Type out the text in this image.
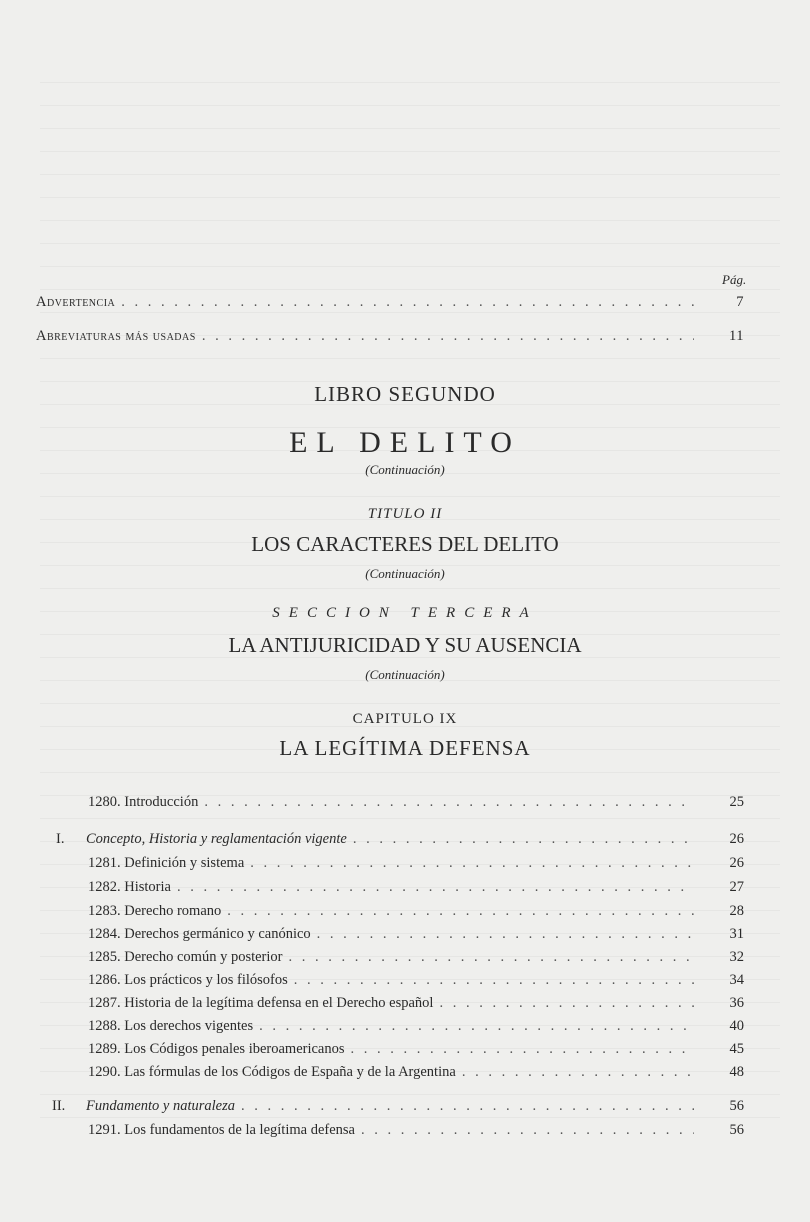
Pág.
Advertencia . . .	7
Abreviaturas más usadas . . .	11
LIBRO SEGUNDO
EL DELITO
(Continuación)
TITULO II
LOS CARACTERES DEL DELITO
(Continuación)
SECCION TERCERA
LA ANTIJURICIDAD Y SU AUSENCIA
(Continuación)
CAPITULO IX
LA LEGÍTIMA DEFENSA
1280. Introducción . . .	25
I.	Concepto, Historia y reglamentación vigente . . .	26
1281. Definición y sistema . . .	26
1282. Historia . . .	27
1283. Derecho romano . . .	28
1284. Derechos germánico y canónico . . .	31
1285. Derecho común y posterior . . .	32
1286. Los prácticos y los filósofos . . .	34
1287. Historia de la legítima defensa en el Derecho español . . .	36
1288. Los derechos vigentes . . .	40
1289. Los Códigos penales iberoamericanos . . .	45
1290. Las fórmulas de los Códigos de España y de la Argentina . . .	48
II.	Fundamento y naturaleza . . .	56
1291. Los fundamentos de la legítima defensa . . .	56
